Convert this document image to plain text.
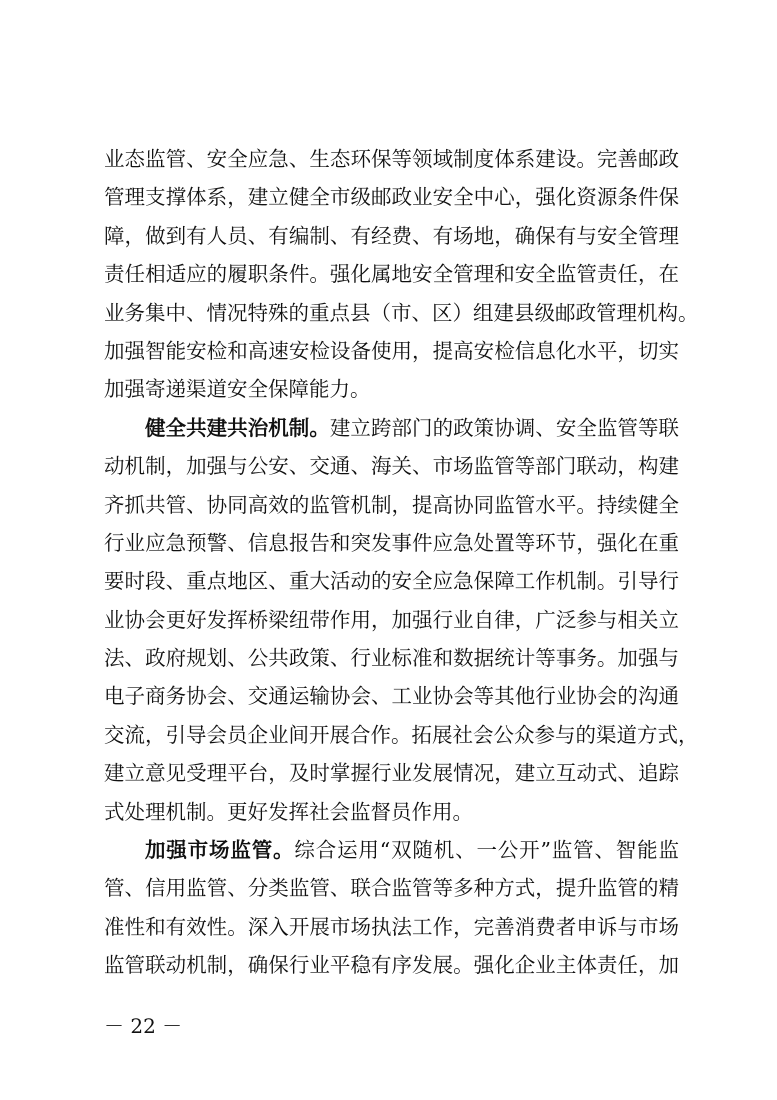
业态监管、安全应急、生态环保等领域制度体系建设。完善邮政
管理支撑体系，建立健全市级邮政业安全中心，强化资源条件保
障，做到有人员、有编制、有经费、有场地，确保有与安全管理
责任相适应的履职条件。强化属地安全管理和安全监管责任，在
业务集中、情况特殊的重点县（市、区）组建县级邮政管理机构。
加强智能安检和高速安检设备使用，提高安检信息化水平，切实
加强寄递渠道安全保障能力。
健全共建共治机制。建立跨部门的政策协调、安全监管等联
动机制，加强与公安、交通、海关、市场监管等部门联动，构建
齐抓共管、协同高效的监管机制，提高协同监管水平。持续健全
行业应急预警、信息报告和突发事件应急处置等环节，强化在重
要时段、重点地区、重大活动的安全应急保障工作机制。引导行
业协会更好发挥桥梁纽带作用，加强行业自律，广泛参与相关立
法、政府规划、公共政策、行业标准和数据统计等事务。加强与
电子商务协会、交通运输协会、工业协会等其他行业协会的沟通
交流，引导会员企业间开展合作。拓展社会公众参与的渠道方式，
建立意见受理平台，及时掌握行业发展情况，建立互动式、追踪
式处理机制。更好发挥社会监督员作用。
加强市场监管。综合运用“双随机、一公开”监管、智能监
管、信用监管、分类监管、联合监管等多种方式，提升监管的精
准性和有效性。深入开展市场执法工作，完善消费者申诉与市场
监管联动机制，确保行业平稳有序发展。强化企业主体责任，加
－ 22 －
